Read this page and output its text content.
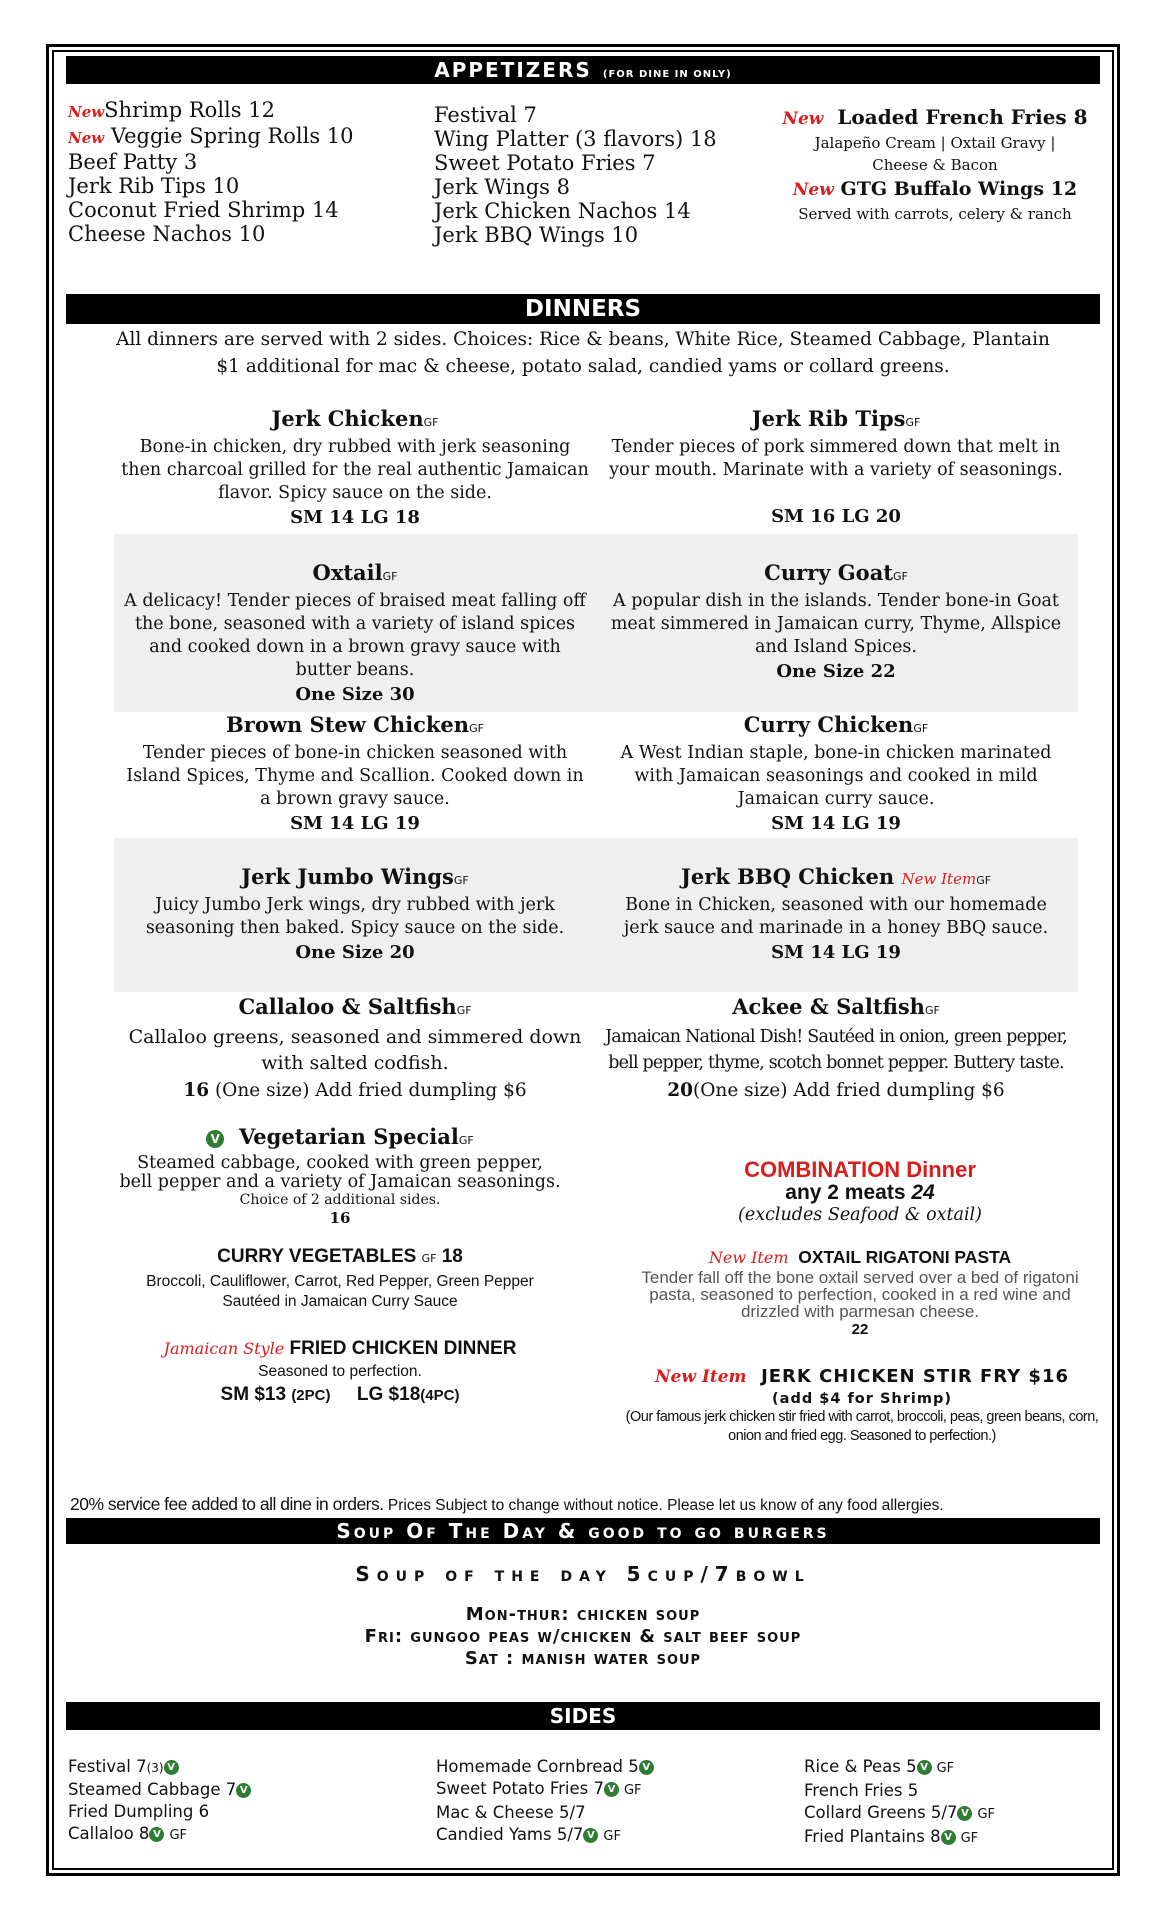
APPETIZERS (FOR DINE IN ONLY)
NewShrimp Rolls 12
New Veggie Spring Rolls 10
Beef Patty 3
Jerk Rib Tips 10
Coconut Fried Shrimp 14
Cheese Nachos 10
Festival 7
Wing Platter (3 flavors) 18
Sweet Potato Fries 7
Jerk Wings 8
Jerk Chicken Nachos 14
Jerk BBQ Wings 10
New Loaded French Fries 8
Jalapeño Cream | Oxtail Gravy |
Cheese & Bacon
New GTG Buffalo Wings 12
Served with carrots, celery & ranch
DINNERS
All dinners are served with 2 sides. Choices: Rice & beans, White Rice, Steamed Cabbage, Plantain
$1 additional for mac & cheese, potato salad, candied yams or collard greens.
Jerk ChickenGF
Bone-in chicken, dry rubbed with jerk seasoning then charcoal grilled for the real authentic Jamaican flavor. Spicy sauce on the side.
SM 14 LG 18
Jerk Rib TipsGF
Tender pieces of pork simmered down that melt in your mouth. Marinate with a variety of seasonings.
SM 16 LG 20
OxtailGF
A delicacy! Tender pieces of braised meat falling off the bone, seasoned with a variety of island spices and cooked down in a brown gravy sauce with butter beans.
One Size 30
Curry GoatGF
A popular dish in the islands. Tender bone-in Goat meat simmered in Jamaican curry, Thyme, Allspice and Island Spices.
One Size 22
Brown Stew ChickenGF
Tender pieces of bone-in chicken seasoned with Island Spices, Thyme and Scallion. Cooked down in a brown gravy sauce.
SM 14 LG 19
Curry ChickenGF
A West Indian staple, bone-in chicken marinated with Jamaican seasonings and cooked in mild Jamaican curry sauce.
SM 14 LG 19
Jerk Jumbo WingsGF
Juicy Jumbo Jerk wings, dry rubbed with jerk seasoning then baked. Spicy sauce on the side.
One Size 20
Jerk BBQ Chicken New ItemGF
Bone in Chicken, seasoned with our homemade jerk sauce and marinade in a honey BBQ sauce.
SM 14 LG 19
Callaloo & SaltfishGF
Callaloo greens, seasoned and simmered down with salted codfish.
16 (One size) Add fried dumpling $6
Ackee & SaltfishGF
Jamaican National Dish! Sautéed in onion, green pepper, bell pepper, thyme, scotch bonnet pepper. Buttery taste.
20(One size) Add fried dumpling $6
V Vegetarian SpecialGF
Steamed cabbage, cooked with green pepper,
bell pepper and a variety of Jamaican seasonings.
Choice of 2 additional sides.
16
CURRY VEGETABLES GF 18
Broccoli, Cauliflower, Carrot, Red Pepper, Green Pepper
Sautéed in Jamaican Curry Sauce
Jamaican Style FRIED CHICKEN DINNER
Seasoned to perfection.
SM $13 (2PC) LG $18(4PC)
COMBINATION Dinner
any 2 meats 24
(excludes Seafood & oxtail)
New Item OXTAIL RIGATONI PASTA
Tender fall off the bone oxtail served over a bed of rigatoni pasta, seasoned to perfection, cooked in a red wine and drizzled with parmesan cheese.
22
New Item JERK CHICKEN STIR FRY $16
(add $4 for Shrimp)
(Our famous jerk chicken stir fried with carrot, broccoli, peas, green beans, corn, onion and fried egg. Seasoned to perfection.)
20% service fee added to all dine in orders. Prices Subject to change without notice. Please let us know of any food allergies.
Soup Of The Day & good to go burgers
Soup of the day 5cup/7bowl
Mon-thur: chicken soup
Fri: gungoo peas w/chicken & salt beef soup
Sat : manish water soup
SIDES
Festival 7(3) V
Steamed Cabbage 7 V
Fried Dumpling 6
Callaloo 8 V GF
Homemade Cornbread 5 V
Sweet Potato Fries 7 V GF
Mac & Cheese 5/7
Candied Yams 5/7 V GF
Rice & Peas 5 V GF
French Fries 5
Collard Greens 5/7 V GF
Fried Plantains 8 V GF
